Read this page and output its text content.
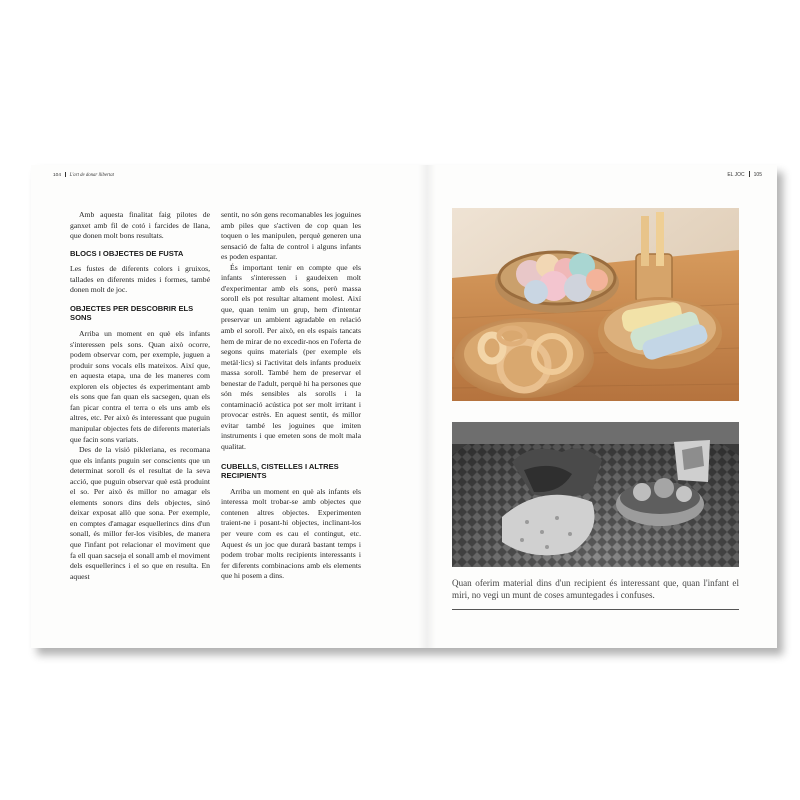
104 L'art de donar llibertat	EL JOC 105

Amb aquesta finalitat faig pilotes de ganxet amb fil de cotó i farcides de llana, que donen molt bons resultats.

BLOCS I OBJECTES DE FUSTA

Les fustes de diferents colors i gruixos, tallades en diferents mides i formes, també donen molt de joc.

OBJECTES PER DESCOBRIR ELS SONS

Arriba un moment en què els infants s'interessen pels sons. Quan això ocorre, podem observar com, per exemple, juguen a produir sons vocals ells mateixos. Així que, en aquesta etapa, una de les maneres com exploren els objectes és experimentant amb els sons que fan quan els sacsegen, quan els fan picar contra el terra o els uns amb els altres, etc. Per això és interessant que puguin manipular objectes fets de diferents materials que facin sons variats.

Des de la visió pikleriana, es recomana que els infants puguin ser conscients que un determinat soroll és el resultat de la seva acció, que puguin observar què està produint el so. Per això és millor no amagar els elements sonors dins dels objectes, sinó deixar exposat allò que sona. Per exemple, en comptes d'amagar esquellerincs dins d'un sonall, és millor fer-los visibles, de manera que l'infant pot relacionar el moviment que fa ell quan sacseja el sonall amb el moviment dels esquellerincs i el so que en resulta. En aquest

sentit, no són gens recomanables les joguines amb piles que s'activen de cop quan les toquen o les manipulen, perquè generen una sensació de falta de control i alguns infants es poden espantar.

És important tenir en compte que els infants s'interessen i gaudeixen molt d'experimentar amb els sons, però massa soroll els pot resultar altament molest. Així que, quan tenim un grup, hem d'intentar preservar un ambient agradable en relació amb el soroll. Per això, en els espais tancats hem de mirar de no excedir-nos en l'oferta de segons quins materials (per exemple els metàl·lics) si l'activitat dels infants produeix massa soroll. També hem de preservar el benestar de l'adult, perquè hi ha persones que són més sensibles als sorolls i la contaminació acústica pot ser molt irritant i provocar estrès. En aquest sentit, és millor evitar també les joguines que imiten instruments i que emeten sons de molt mala qualitat.

CUBELLS, CISTELLES I ALTRES RECIPIENTS

Arriba un moment en què als infants els interessa molt trobar-se amb objectes que contenen altres objectes. Experimenten traient-ne i posant-hi objectes, inclinant-los per veure com es cau el contingut, etc. Aquest és un joc que durarà bastant temps i podem trobar molts recipients interessants i fer diferents combinacions amb els elements que hi posem a dins.

Quan oferim material dins d'un recipient és interessant que, quan l'infant el miri, no vegi un munt de coses amuntegades i confuses.
